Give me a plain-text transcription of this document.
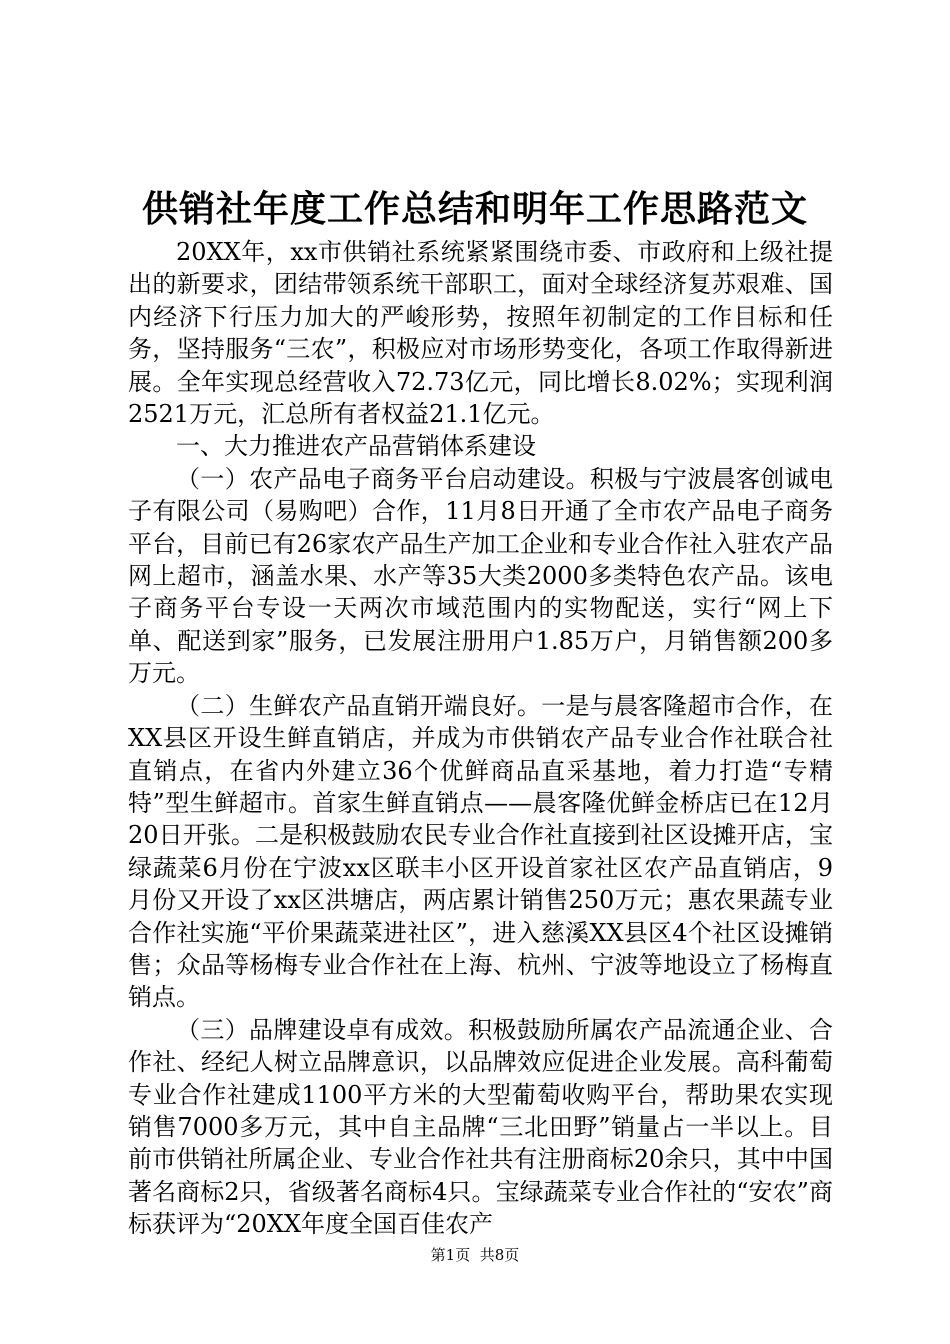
供销社年度工作总结和明年工作思路范文

20XX年，xx市供销社系统紧紧围绕市委、市政府和上级社提出的新要求，团结带领系统干部职工，面对全球经济复苏艰难、国内经济下行压力加大的严峻形势，按照年初制定的工作目标和任务，坚持服务“三农”，积极应对市场形势变化，各项工作取得新进展。全年实现总经营收入72.73亿元，同比增长8.02%；实现利润2521万元，汇总所有者权益21.1亿元。

一、大力推进农产品营销体系建设

（一）农产品电子商务平台启动建设。积极与宁波晨客创诚电子有限公司（易购吧）合作，11月8日开通了全市农产品电子商务平台，目前已有26家农产品生产加工企业和专业合作社入驻农产品网上超市，涵盖水果、水产等35大类2000多类特色农产品。该电子商务平台专设一天两次市域范围内的实物配送，实行“网上下单、配送到家”服务，已发展注册用户1.85万户，月销售额200多万元。

（二）生鲜农产品直销开端良好。一是与晨客隆超市合作，在XX县区开设生鲜直销店，并成为市供销农产品专业合作社联合社直销点，在省内外建立36个优鲜商品直采基地，着力打造“专精特”型生鲜超市。首家生鲜直销点——晨客隆优鲜金桥店已在12月20日开张。二是积极鼓励农民专业合作社直接到社区设摊开店，宝绿蔬菜6月份在宁波xx区联丰小区开设首家社区农产品直销店，9月份又开设了xx区洪塘店，两店累计销售250万元；惠农果蔬专业合作社实施“平价果蔬菜进社区”，进入慈溪XX县区4个社区设摊销售；众品等杨梅专业合作社在上海、杭州、宁波等地设立了杨梅直销点。

（三）品牌建设卓有成效。积极鼓励所属农产品流通企业、合作社、经纪人树立品牌意识，以品牌效应促进企业发展。高科葡萄专业合作社建成1100平方米的大型葡萄收购平台，帮助果农实现销售7000多万元，其中自主品牌“三北田野”销量占一半以上。目前市供销社所属企业、专业合作社共有注册商标20余只，其中中国著名商标2只，省级著名商标4只。宝绿蔬菜专业合作社的“安农”商标获评为“20XX年度全国百佳农产

第1页 共8页
